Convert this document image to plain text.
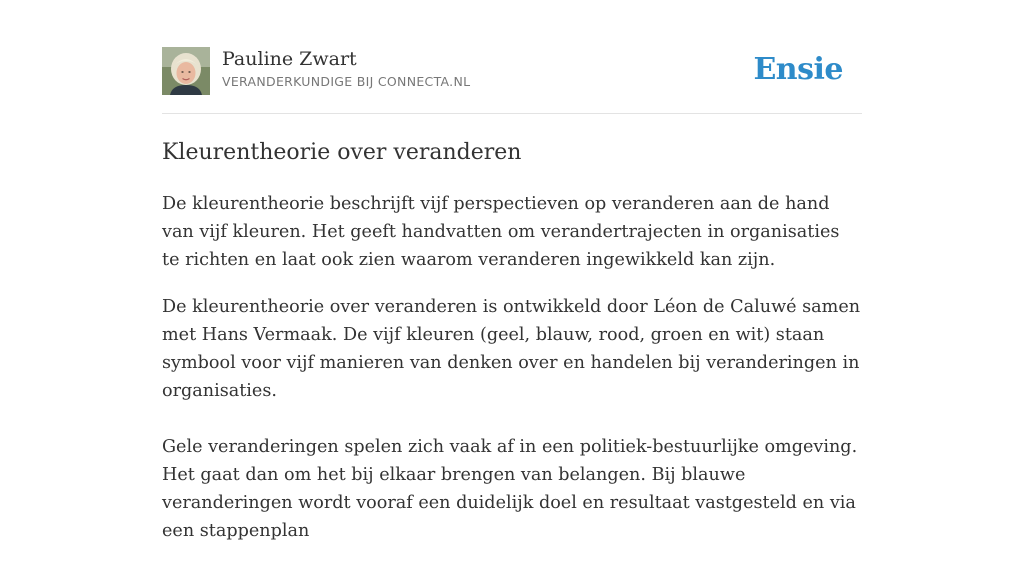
Pauline Zwart
VERANDERKUNDIGE BIJ CONNECTA.NL	Ensie
Kleurentheorie over veranderen

De kleurentheorie beschrijft vijf perspectieven op veranderen aan de hand van vijf kleuren. Het geeft handvatten om verandertrajecten in organisaties te richten en laat ook zien waarom veranderen ingewikkeld kan zijn.

De kleurentheorie over veranderen is ontwikkeld door Léon de Caluwé samen met Hans Vermaak. De vijf kleuren (geel, blauw, rood, groen en wit) staan symbool voor vijf manieren van denken over en handelen bij veranderingen in organisaties.

Gele veranderingen spelen zich vaak af in een politiek-bestuurlijke omgeving. Het gaat dan om het bij elkaar brengen van belangen. Bij blauwe veranderingen wordt vooraf een duidelijk doel en resultaat vastgesteld en via een stappenplan
